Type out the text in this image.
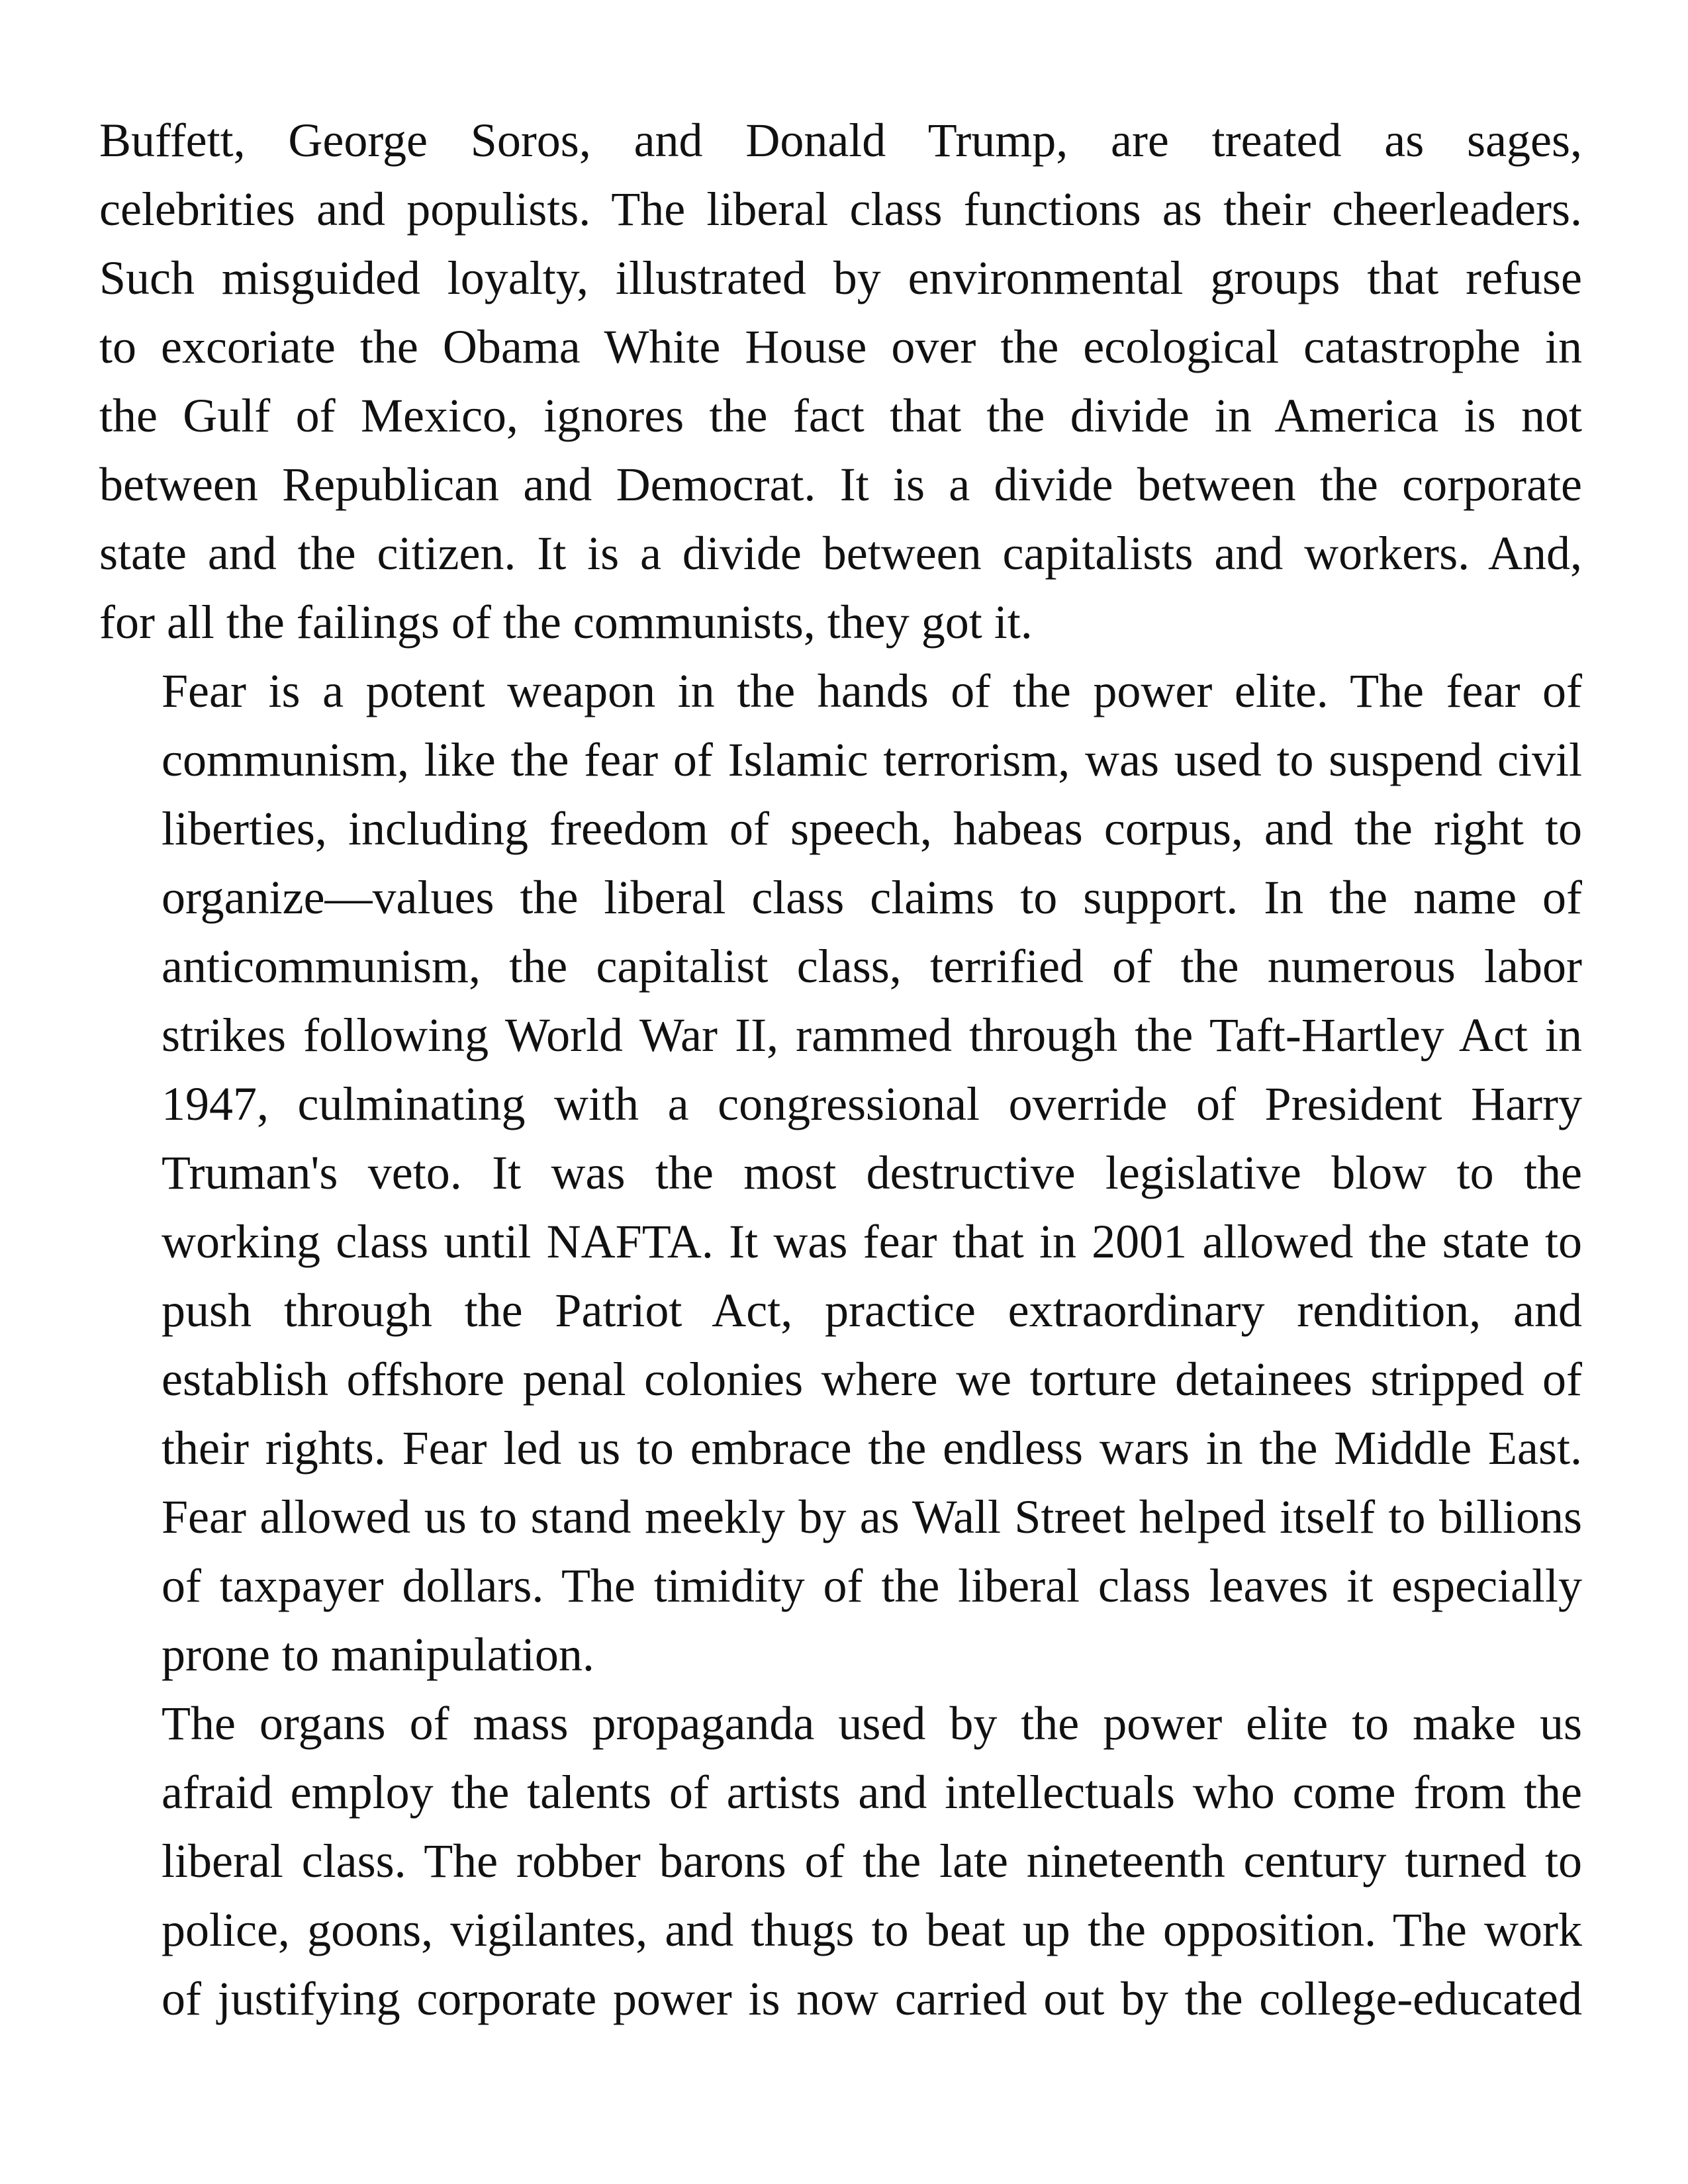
Buffett, George Soros, and Donald Trump, are treated as sages,
celebrities and populists. The liberal class functions as their cheerleaders.
Such misguided loyalty, illustrated by environmental groups that refuse
to excoriate the Obama White House over the ecological catastrophe in
the Gulf of Mexico, ignores the fact that the divide in America is not
between Republican and Democrat. It is a divide between the corporate
state and the citizen. It is a divide between capitalists and workers. And,
for all the failings of the communists, they got it.
Fear is a potent weapon in the hands of the power elite. The fear of
communism, like the fear of Islamic terrorism, was used to suspend civil
liberties, including freedom of speech, habeas corpus, and the right to
organize—values the liberal class claims to support. In the name of
anticommunism, the capitalist class, terrified of the numerous labor
strikes following World War II, rammed through the Taft-Hartley Act in
1947, culminating with a congressional override of President Harry
Truman's veto. It was the most destructive legislative blow to the
working class until NAFTA. It was fear that in 2001 allowed the state to
push through the Patriot Act, practice extraordinary rendition, and
establish offshore penal colonies where we torture detainees stripped of
their rights. Fear led us to embrace the endless wars in the Middle East.
Fear allowed us to stand meekly by as Wall Street helped itself to billions
of taxpayer dollars. The timidity of the liberal class leaves it especially
prone to manipulation.
The organs of mass propaganda used by the power elite to make us
afraid employ the talents of artists and intellectuals who come from the
liberal class. The robber barons of the late nineteenth century turned to
police, goons, vigilantes, and thugs to beat up the opposition. The work
of justifying corporate power is now carried out by the college-educated
